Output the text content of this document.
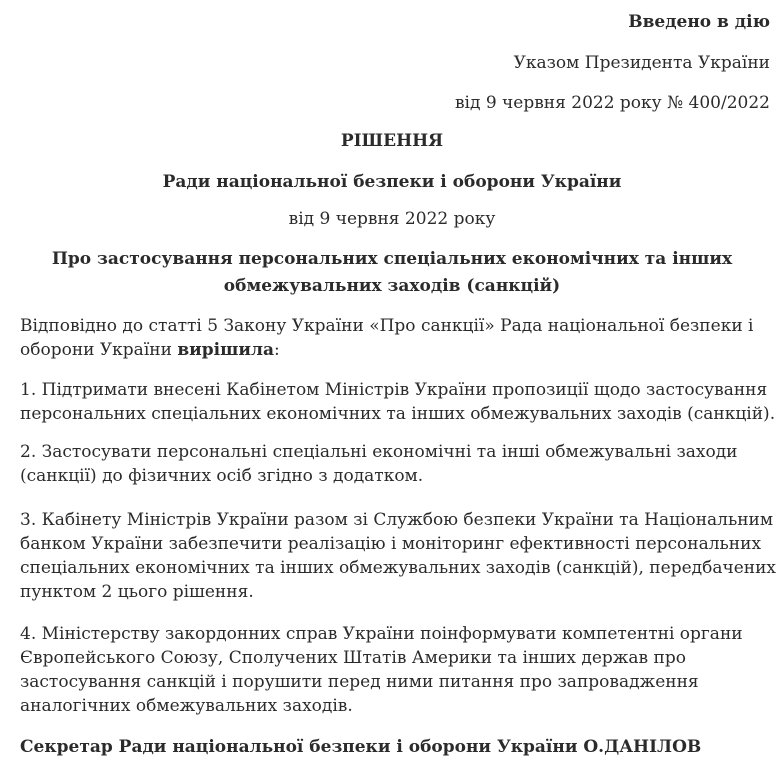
Введено в дію
Указом Президента України
від 9 червня 2022 року № 400/2022
РІШЕННЯ
Ради національної безпеки і оборони України
від 9 червня 2022 року
Про застосування персональних спеціальних економічних та інших обмежувальних заходів (санкцій)
Відповідно до статті 5 Закону України «Про санкції» Рада національної безпеки і оборони України вирішила:
1. Підтримати внесені Кабінетом Міністрів України пропозиції щодо застосування персональних спеціальних економічних та інших обмежувальних заходів (санкцій).
2. Застосувати персональні спеціальні економічні та інші обмежувальні заходи (санкції) до фізичних осіб згідно з додатком.
3. Кабінету Міністрів України разом зі Службою безпеки України та Національним банком України забезпечити реалізацію і моніторинг ефективності персональних спеціальних економічних та інших обмежувальних заходів (санкцій), передбачених пунктом 2 цього рішення.
4. Міністерству закордонних справ України поінформувати компетентні органи Європейського Союзу, Сполучених Штатів Америки та інших держав про застосування санкцій і порушити перед ними питання про запровадження аналогічних обмежувальних заходів.
Секретар Ради національної безпеки і оборони України О.ДАНІЛОВ
